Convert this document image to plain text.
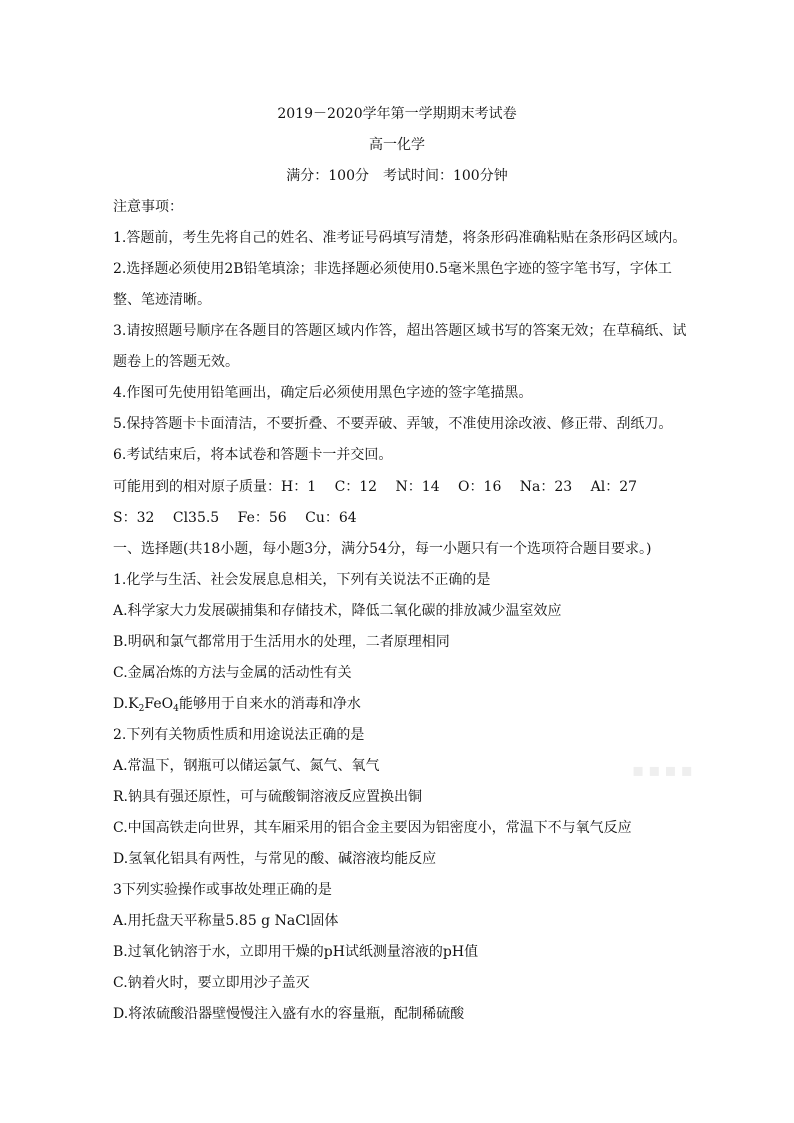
2019－2020学年第一学期期末考试卷
高一化学
满分：100分　考试时间：100分钟
注意事项：
1.答题前，考生先将自己的姓名、准考证号码填写清楚，将条形码准确粘贴在条形码区域内。
2.选择题必须使用2B铅笔填涂；非选择题必须使用0.5毫米黑色字迹的签字笔书写，字体工
整、笔迹清晰。
3.请按照题号顺序在各题目的答题区域内作答，超出答题区域书写的答案无效；在草稿纸、试
题卷上的答题无效。
4.作图可先使用铅笔画出，确定后必须使用黑色字迹的签字笔描黑。
5.保持答题卡卡面清洁，不要折叠、不要弄破、弄皱，不准使用涂改液、修正带、刮纸刀。
6.考试结束后，将本试卷和答题卡一并交回。
可能用到的相对原子质量：H：1　 C：12　 N：14　 O：16　 Na：23　 Al：27
S：32　 Cl35.5　 Fe：56　 Cu：64
一、选择题(共18小题，每小题3分，满分54分，每一小题只有一个选项符合题目要求。)
1.化学与生活、社会发展息息相关，下列有关说法不正确的是
A.科学家大力发展碳捕集和存储技术，降低二氧化碳的排放减少温室效应
B.明矾和氯气都常用于生活用水的处理，二者原理相同
C.金属冶炼的方法与金属的活动性有关
$D.K_2FeO_4$能够用于自来水的消毒和净水
2.下列有关物质性质和用途说法正确的是
A.常温下，钢瓶可以储运氯气、氮气、氧气
R.钠具有强还原性，可与硫酸铜溶液反应置换出铜
C.中国高铁走向世界，其车厢采用的铝合金主要因为铝密度小，常温下不与氧气反应
D.氢氧化铝具有两性，与常见的酸、碱溶液均能反应
3下列实验操作或事故处理正确的是
A.用托盘天平称量5.85 g NaCl固体
B.过氧化钠溶于水，立即用干燥的pH试纸测量溶液的pH值
C.钠着火时，要立即用沙子盖灭
D.将浓硫酸沿器壁慢慢注入盛有水的容量瓶，配制稀硫酸
▪▪▪▪
